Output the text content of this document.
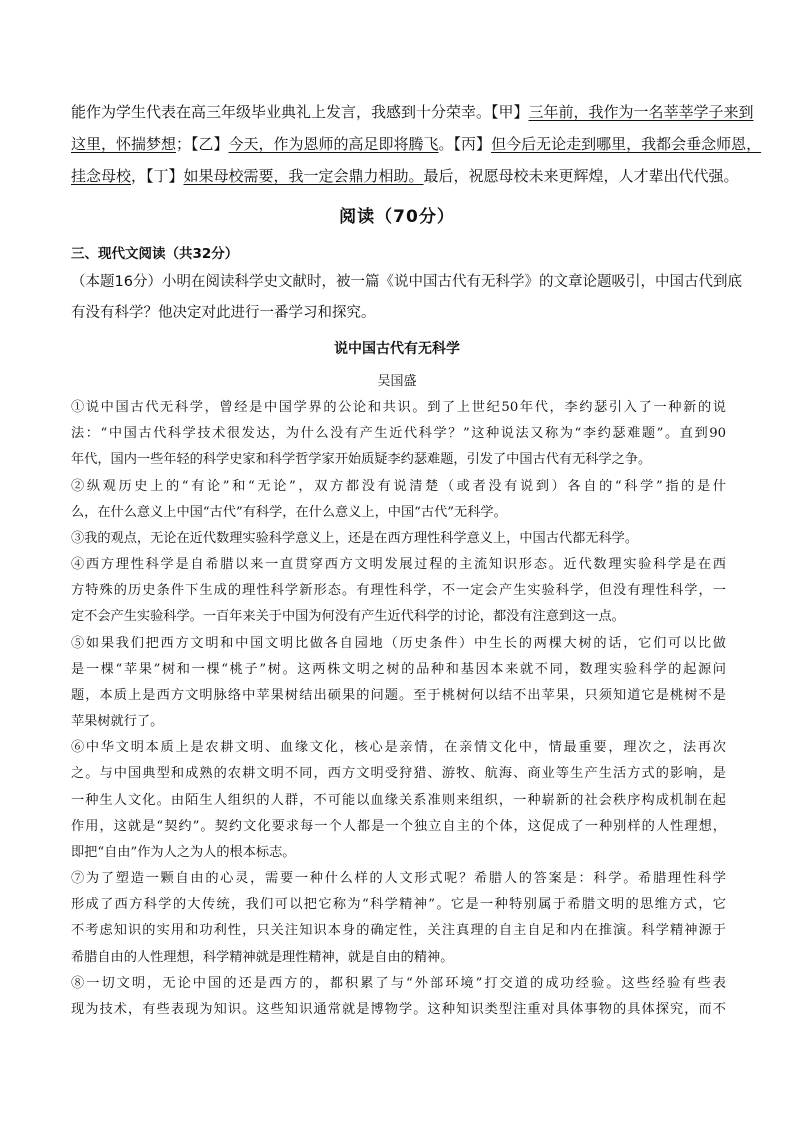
能作为学生代表在高三年级毕业典礼上发言，我感到十分荣幸。【甲】三年前，我作为一名莘莘学子来到

这里，怀揣梦想；【乙】今天，作为恩师的高足即将腾飞。【丙】但今后无论走到哪里，我都会垂念师恩，

挂念母校，【丁】如果母校需要，我一定会鼎力相助。最后，祝愿母校未来更辉煌，人才辈出代代强。

阅读（70分）
三、现代文阅读（共32分）

（本题16分）小明在阅读科学史文献时，被一篇《说中国古代有无科学》的文章论题吸引，中国古代到底

有没有科学？他决定对此进行一番学习和探究。

说中国古代有无科学
吴国盛

①说中国古代无科学，曾经是中国学界的公论和共识。到了上世纪50年代，李约瑟引入了一种新的说

法：“中国古代科学技术很发达，为什么没有产生近代科学？”这种说法又称为“李约瑟难题”。直到90

年代，国内一些年轻的科学史家和科学哲学家开始质疑李约瑟难题，引发了中国古代有无科学之争。

②纵观历史上的“有论”和“无论”，双方都没有说清楚（或者没有说到）各自的“科学”指的是什

么，在什么意义上中国“古代”有科学，在什么意义上，中国“古代”无科学。

③我的观点，无论在近代数理实验科学意义上，还是在西方理性科学意义上，中国古代都无科学。

④西方理性科学是自希腊以来一直贯穿西方文明发展过程的主流知识形态。近代数理实验科学是在西

方特殊的历史条件下生成的理性科学新形态。有理性科学，不一定会产生实验科学，但没有理性科学，一

定不会产生实验科学。一百年来关于中国为何没有产生近代科学的讨论，都没有注意到这一点。

⑤如果我们把西方文明和中国文明比做各自园地（历史条件）中生长的两棵大树的话，它们可以比做

是一棵“苹果”树和一棵“桃子”树。这两株文明之树的品种和基因本来就不同，数理实验科学的起源问

题，本质上是西方文明脉络中苹果树结出硕果的问题。至于桃树何以结不出苹果，只须知道它是桃树不是

苹果树就行了。

⑥中华文明本质上是农耕文明、血缘文化，核心是亲情，在亲情文化中，情最重要，理次之，法再次

之。与中国典型和成熟的农耕文明不同，西方文明受狩猎、游牧、航海、商业等生产生活方式的影响，是

一种生人文化。由陌生人组织的人群，不可能以血缘关系准则来组织，一种崭新的社会秩序构成机制在起

作用，这就是“契约”。契约文化要求每一个人都是一个独立自主的个体，这促成了一种别样的人性理想，

即把“自由”作为人之为人的根本标志。

⑦为了塑造一颗自由的心灵，需要一种什么样的人文形式呢？希腊人的答案是：科学。希腊理性科学

形成了西方科学的大传统，我们可以把它称为“科学精神”。它是一种特别属于希腊文明的思维方式，它

不考虑知识的实用和功利性，只关注知识本身的确定性，关注真理的自主自足和内在推演。科学精神源于

希腊自由的人性理想，科学精神就是理性精神，就是自由的精神。

⑧一切文明，无论中国的还是西方的，都积累了与“外部环境”打交道的成功经验。这些经验有些表

现为技术，有些表现为知识。这些知识通常就是博物学。这种知识类型注重对具体事物的具体探究，而不
